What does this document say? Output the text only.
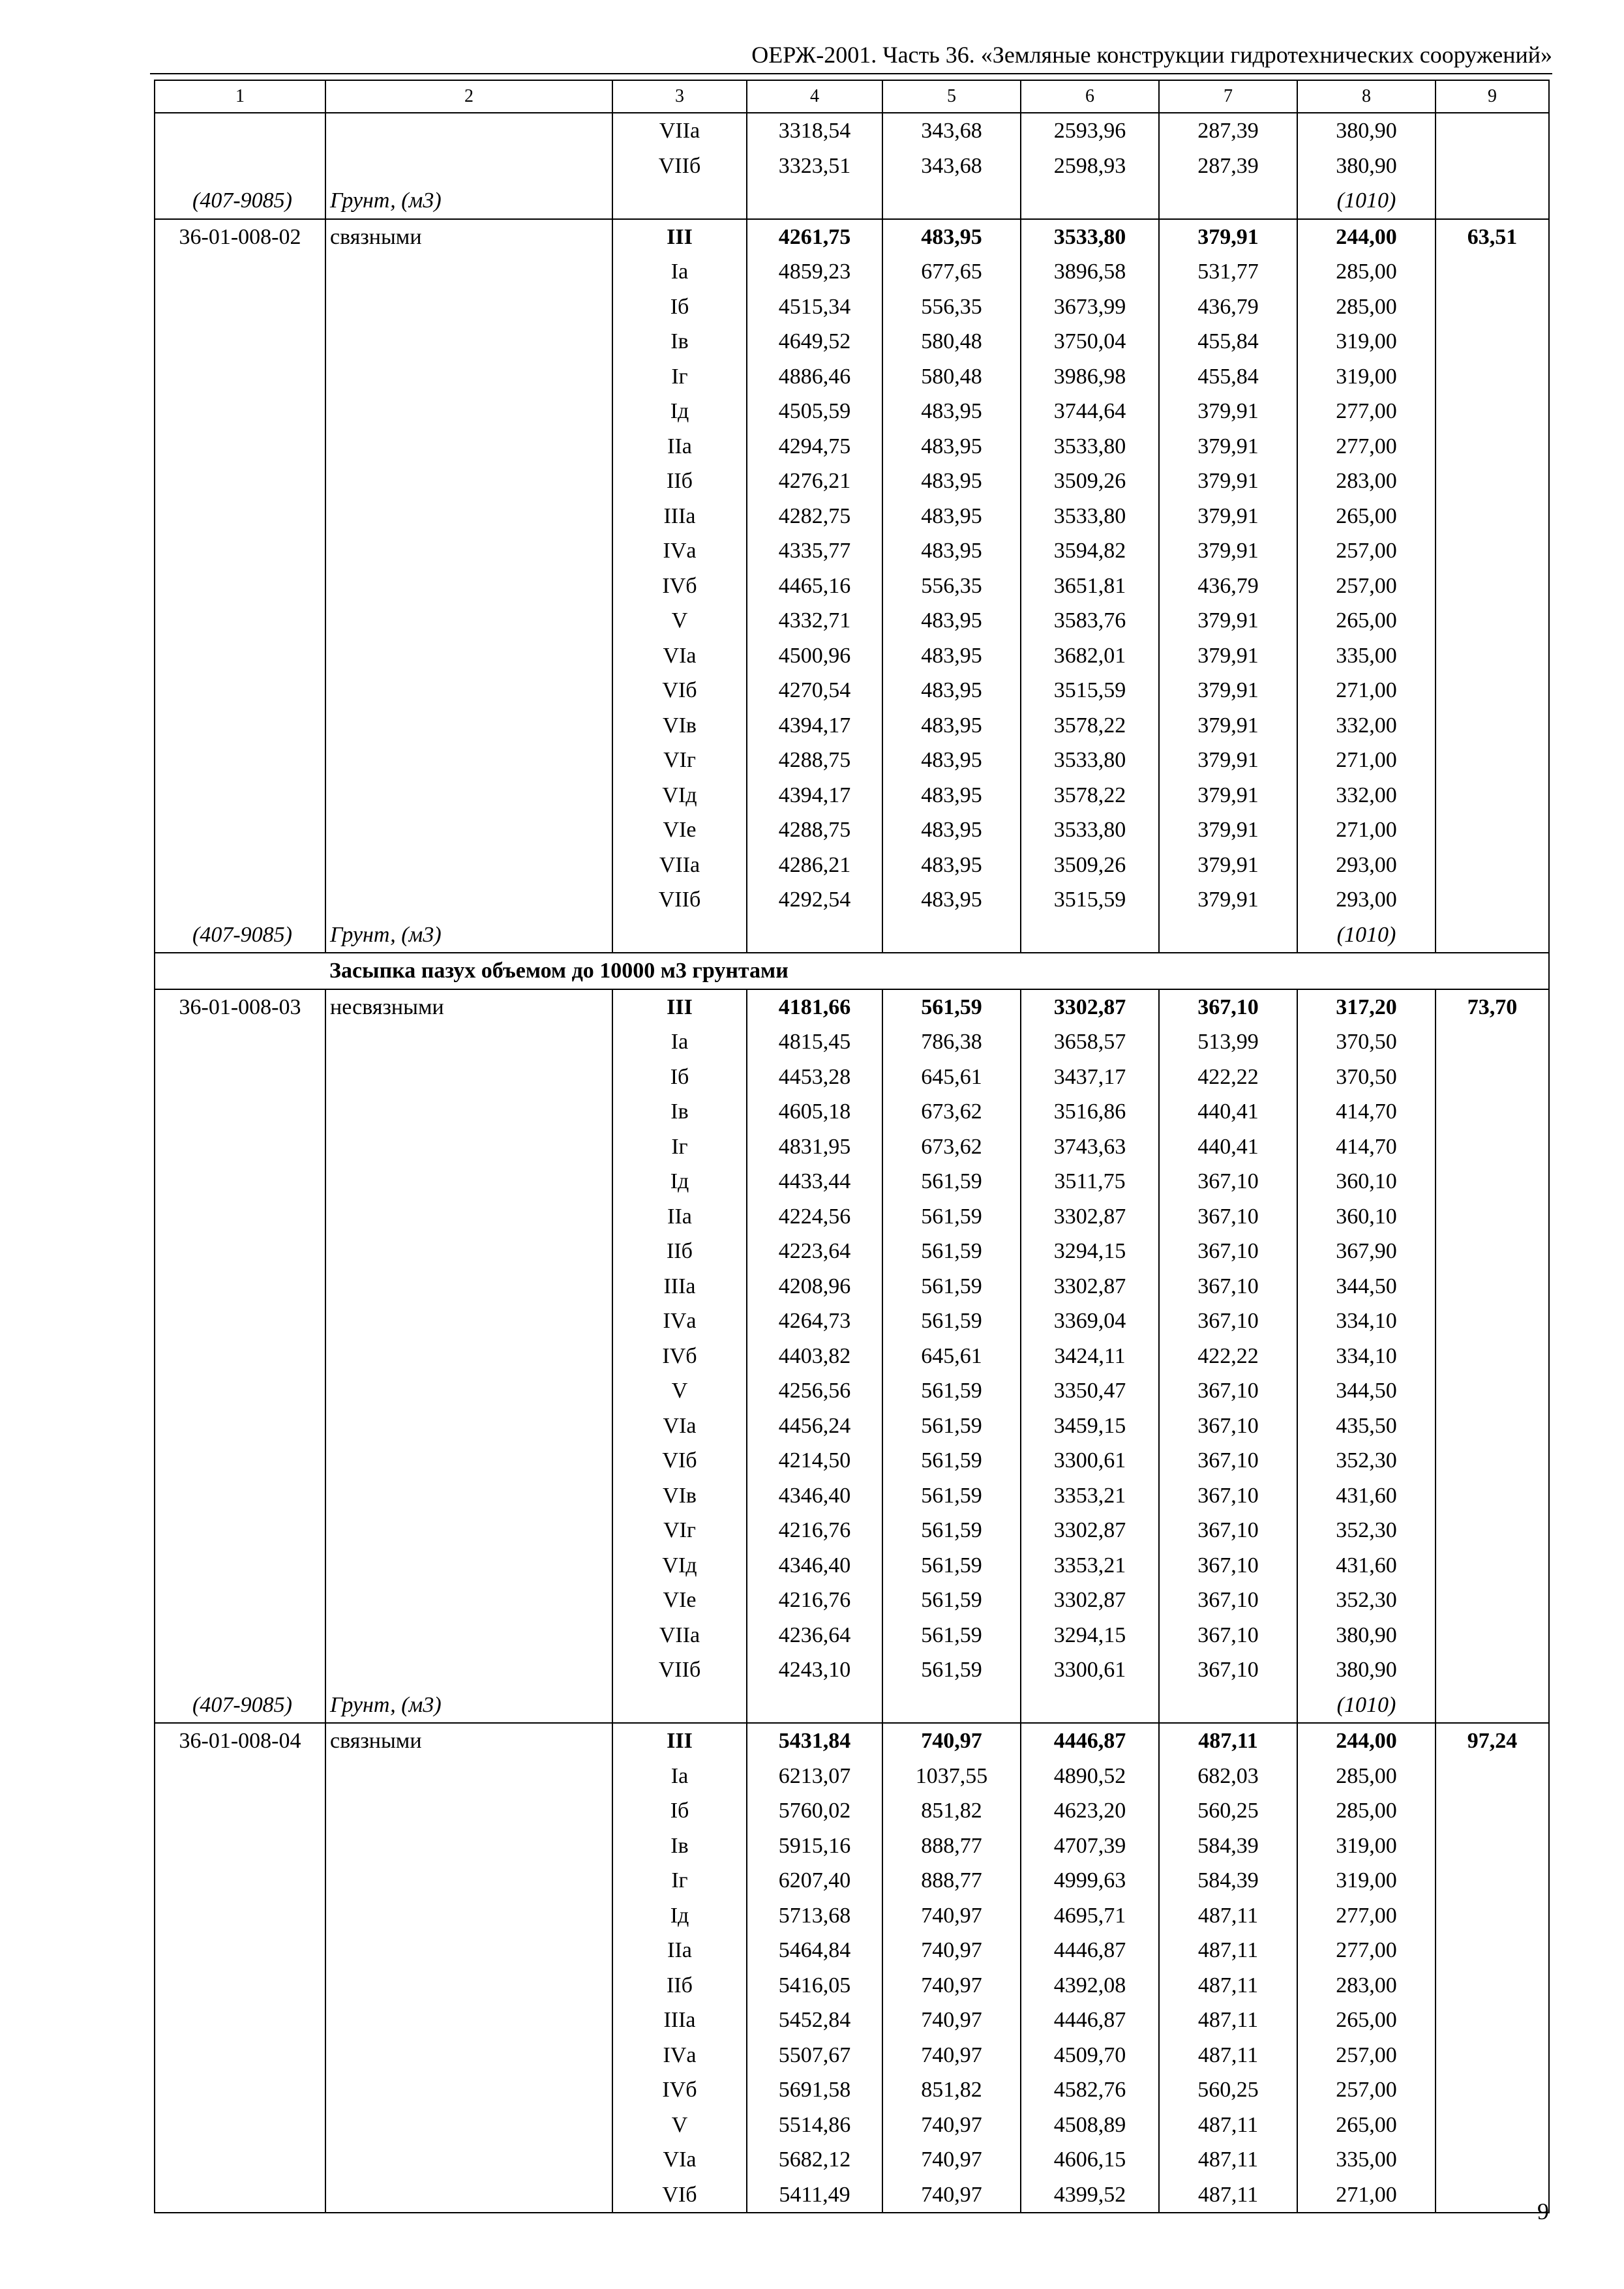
ОЕРЖ-2001. Часть 36. «Земляные конструкции гидротехнических сооружений»
1	2	3	4	5	6	7	8	9
		VIIа	3318,54	343,68	2593,96	287,39	380,90	
		VIIб	3323,51	343,68	2598,93	287,39	380,90	
(407-9085)	Грунт, (м3)						(1010)	
36-01-008-02	связными	III	4261,75	483,95	3533,80	379,91	244,00	63,51
		Iа	4859,23	677,65	3896,58	531,77	285,00	
		Iб	4515,34	556,35	3673,99	436,79	285,00	
		Iв	4649,52	580,48	3750,04	455,84	319,00	
		Iг	4886,46	580,48	3986,98	455,84	319,00	
		Iд	4505,59	483,95	3744,64	379,91	277,00	
		IIа	4294,75	483,95	3533,80	379,91	277,00	
		IIб	4276,21	483,95	3509,26	379,91	283,00	
		IIIа	4282,75	483,95	3533,80	379,91	265,00	
		IVа	4335,77	483,95	3594,82	379,91	257,00	
		IVб	4465,16	556,35	3651,81	436,79	257,00	
		V	4332,71	483,95	3583,76	379,91	265,00	
		VIа	4500,96	483,95	3682,01	379,91	335,00	
		VIб	4270,54	483,95	3515,59	379,91	271,00	
		VIв	4394,17	483,95	3578,22	379,91	332,00	
		VIг	4288,75	483,95	3533,80	379,91	271,00	
		VIд	4394,17	483,95	3578,22	379,91	332,00	
		VIе	4288,75	483,95	3533,80	379,91	271,00	
		VIIа	4286,21	483,95	3509,26	379,91	293,00	
		VIIб	4292,54	483,95	3515,59	379,91	293,00	
(407-9085)	Грунт, (м3)						(1010)	
	Засыпка пазух объемом до 10000 м3 грунтами							
36-01-008-03	несвязными	III	4181,66	561,59	3302,87	367,10	317,20	73,70
		Iа	4815,45	786,38	3658,57	513,99	370,50	
		Iб	4453,28	645,61	3437,17	422,22	370,50	
		Iв	4605,18	673,62	3516,86	440,41	414,70	
		Iг	4831,95	673,62	3743,63	440,41	414,70	
		Iд	4433,44	561,59	3511,75	367,10	360,10	
		IIа	4224,56	561,59	3302,87	367,10	360,10	
		IIб	4223,64	561,59	3294,15	367,10	367,90	
		IIIа	4208,96	561,59	3302,87	367,10	344,50	
		IVа	4264,73	561,59	3369,04	367,10	334,10	
		IVб	4403,82	645,61	3424,11	422,22	334,10	
		V	4256,56	561,59	3350,47	367,10	344,50	
		VIа	4456,24	561,59	3459,15	367,10	435,50	
		VIб	4214,50	561,59	3300,61	367,10	352,30	
		VIв	4346,40	561,59	3353,21	367,10	431,60	
		VIг	4216,76	561,59	3302,87	367,10	352,30	
		VIд	4346,40	561,59	3353,21	367,10	431,60	
		VIе	4216,76	561,59	3302,87	367,10	352,30	
		VIIа	4236,64	561,59	3294,15	367,10	380,90	
		VIIб	4243,10	561,59	3300,61	367,10	380,90	
(407-9085)	Грунт, (м3)						(1010)	
36-01-008-04	связными	III	5431,84	740,97	4446,87	487,11	244,00	97,24
		Iа	6213,07	1037,55	4890,52	682,03	285,00	
		Iб	5760,02	851,82	4623,20	560,25	285,00	
		Iв	5915,16	888,77	4707,39	584,39	319,00	
		Iг	6207,40	888,77	4999,63	584,39	319,00	
		Iд	5713,68	740,97	4695,71	487,11	277,00	
		IIа	5464,84	740,97	4446,87	487,11	277,00	
		IIб	5416,05	740,97	4392,08	487,11	283,00	
		IIIа	5452,84	740,97	4446,87	487,11	265,00	
		IVа	5507,67	740,97	4509,70	487,11	257,00	
		IVб	5691,58	851,82	4582,76	560,25	257,00	
		V	5514,86	740,97	4508,89	487,11	265,00	
		VIа	5682,12	740,97	4606,15	487,11	335,00	
		VIб	5411,49	740,97	4399,52	487,11	271,00	
9
